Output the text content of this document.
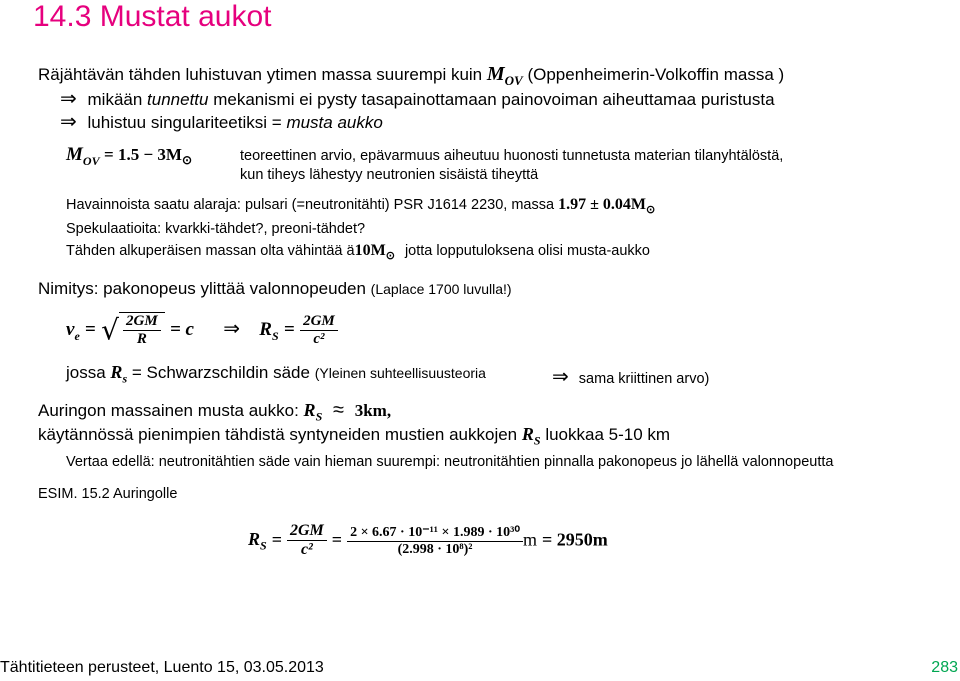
14.3 Mustat aukot
Räjähtävän tähden luhistuvan ytimen massa suurempi kuin $M_{OV}$ (Oppenheimerin-Volkoffin massa )
⇒ mikään tunnettu mekanismi ei pysty tasapainottamaan painovoiman aiheuttamaa puristusta
⇒ luhistuu singulariteetiksi = musta aukko
$M_{OV} = 1.5 - 3M_⊙$	teoreettinen arvio, epävarmuus aiheutuu huonosti tunnetusta materian tilanyhtälöstä,
kun tiheys lähestyy neutronien sisäistä tiheyttä
Havainnoista saatu alaraja: pulsari (=neutronitähti) PSR J1614 2230, massa $1.97 \pm 0.04M_⊙$
Spekulaatioita: kvarkki-tähdet?, preoni-tähdet?
Tähden alkuperäisen massan olta vähintää $ä10M_⊙$ jotta lopputuloksena olisi musta-aukko
Nimitys: pakonopeus ylittää valonnopeuden (Laplace 1700 luvulla!)
$v_e$ = √ $\frac{2GM}{R} = c$ ⇒ $R_S = \frac{2GM}{\text{c²}}$
jossa $R_s$ = Schwarzschildin säde (Yleinen suhteellisuusteoria	⇒ sama kriittinen arvo)
Auringon massainen musta aukko: $R_S \approx 3km$,
käytännössä pienimpien tähdistä syntyneiden mustien aukkojen $R_S$ luokkaa 5-10 km
Vertaa edellä: neutronitähtien säde vain hieman suurempi: neutronitähtien pinnalla pakonopeus jo lähellä valonnopeutta
ESIM. 15.2 Auringolle
$R_S = \frac{2GM}{\text{c²}} = \frac{\text{2 × 6.67 · 10⁻¹¹ × 1.989 · 10³⁰}}{\text{(2.998 · 10⁸)²}}$ m = 2950m
Tähtitieteen perusteet, Luento 15, 03.05.2013	283
